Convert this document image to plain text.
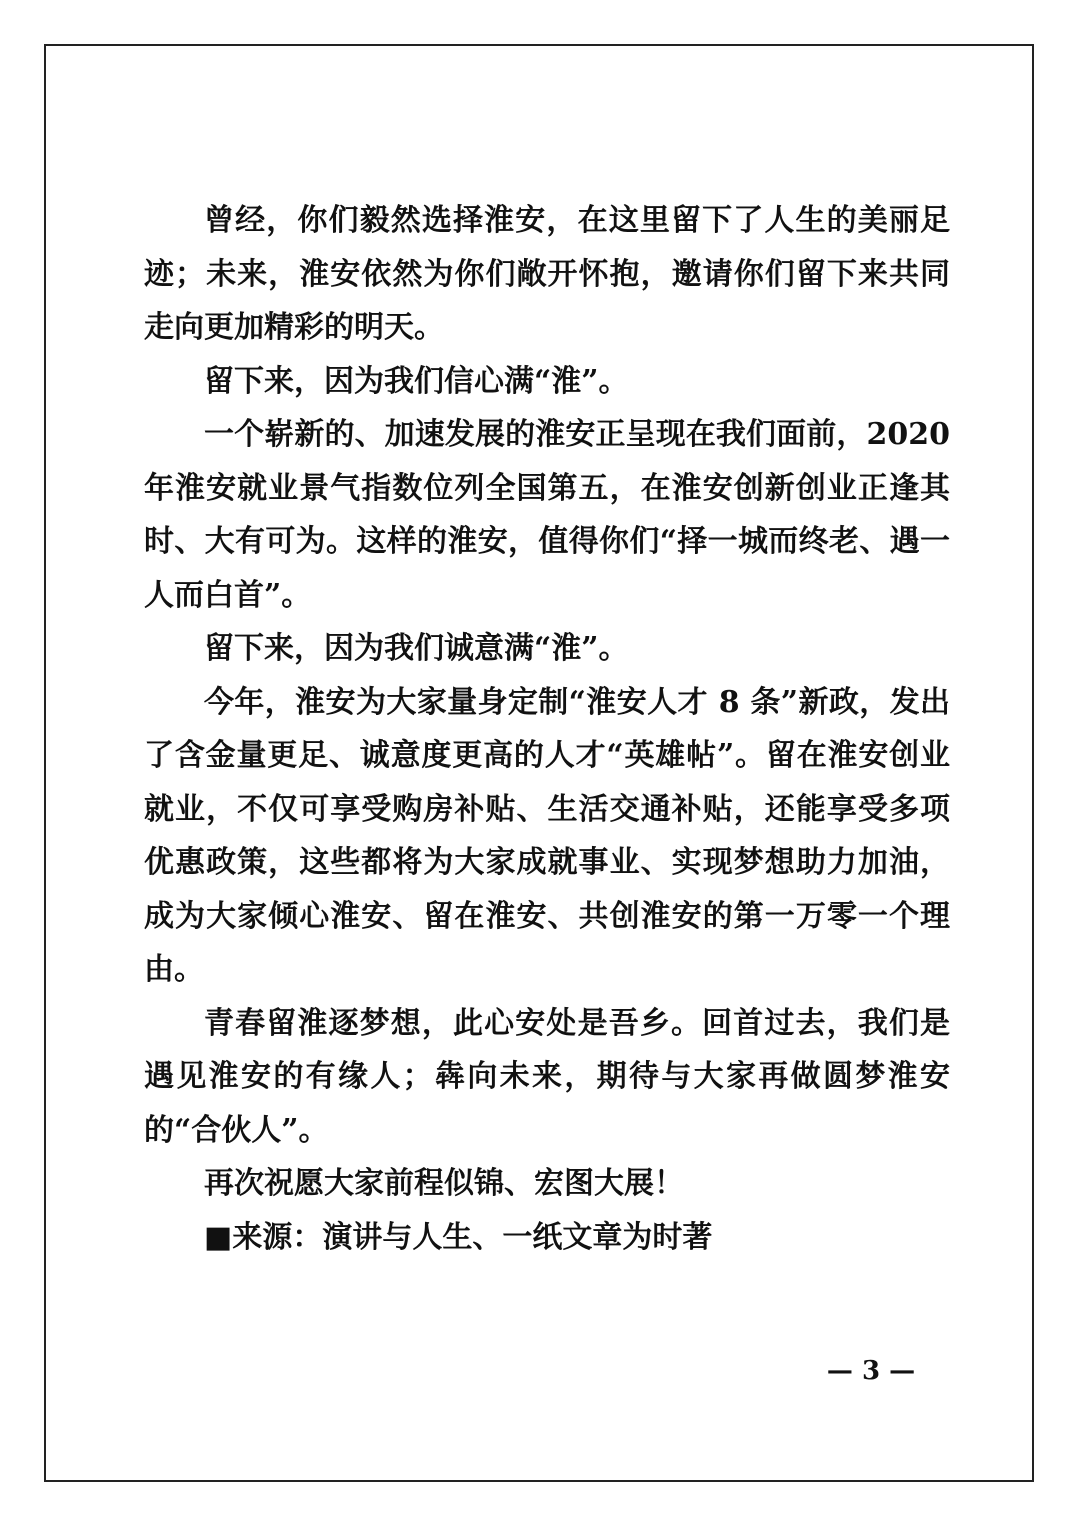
曾经，你们毅然选择淮安，在这里留下了人生的美丽足迹；未来，淮安依然为你们敞开怀抱，邀请你们留下来共同走向更加精彩的明天。

留下来，因为我们信心满“淮”。

一个崭新的、加速发展的淮安正呈现在我们面前，2020 年淮安就业景气指数位列全国第五，在淮安创新创业正逢其时、大有可为。这样的淮安，值得你们“择一城而终老、遇一人而白首”。

留下来，因为我们诚意满“淮”。

今年，淮安为大家量身定制“淮安人才 8 条”新政，发出了含金量更足、诚意度更高的人才“英雄帖”。留在淮安创业就业，不仅可享受购房补贴、生活交通补贴，还能享受多项优惠政策，这些都将为大家成就事业、实现梦想助力加油，成为大家倾心淮安、留在淮安、共创淮安的第一万零一个理由。

青春留淮逐梦想，此心安处是吾乡。回首过去，我们是遇见淮安的有缘人；犇向未来，期待与大家再做圆梦淮安的“合伙人”。

再次祝愿大家前程似锦、宏图大展！

■来源：演讲与人生、一纸文章为时著

— 3 —
